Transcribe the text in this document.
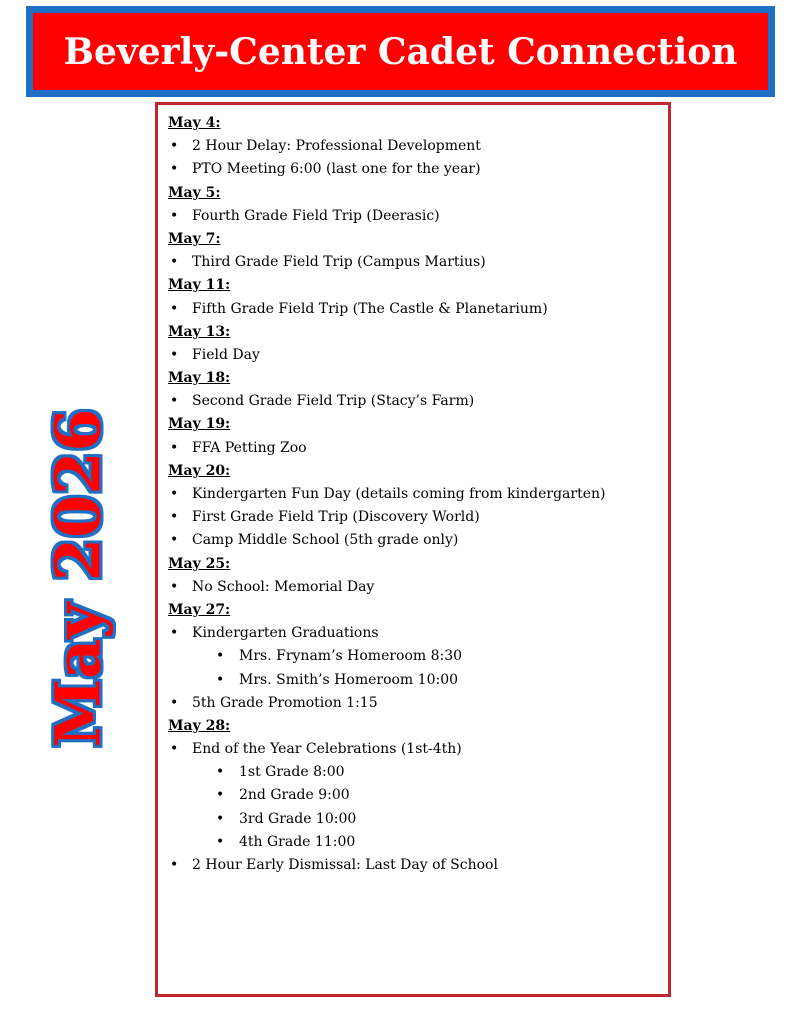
Beverly-Center Cadet Connection
May 2026
May 4:
• 2 Hour Delay: Professional Development
• PTO Meeting 6:00 (last one for the year)
May 5:
• Fourth Grade Field Trip (Deerasic)
May 7:
• Third Grade Field Trip (Campus Martius)
May 11:
• Fifth Grade Field Trip (The Castle & Planetarium)
May 13:
• Field Day
May 18:
• Second Grade Field Trip (Stacy’s Farm)
May 19:
• FFA Petting Zoo
May 20:
• Kindergarten Fun Day (details coming from kindergarten)
• First Grade Field Trip (Discovery World)
• Camp Middle School (5th grade only)
May 25:
• No School: Memorial Day
May 27:
• Kindergarten Graduations
• Mrs. Frynam’s Homeroom 8:30
• Mrs. Smith’s Homeroom 10:00
• 5th Grade Promotion 1:15
May 28:
• End of the Year Celebrations (1st-4th)
• 1st Grade 8:00
• 2nd Grade 9:00
• 3rd Grade 10:00
• 4th Grade 11:00
• 2 Hour Early Dismissal: Last Day of School
